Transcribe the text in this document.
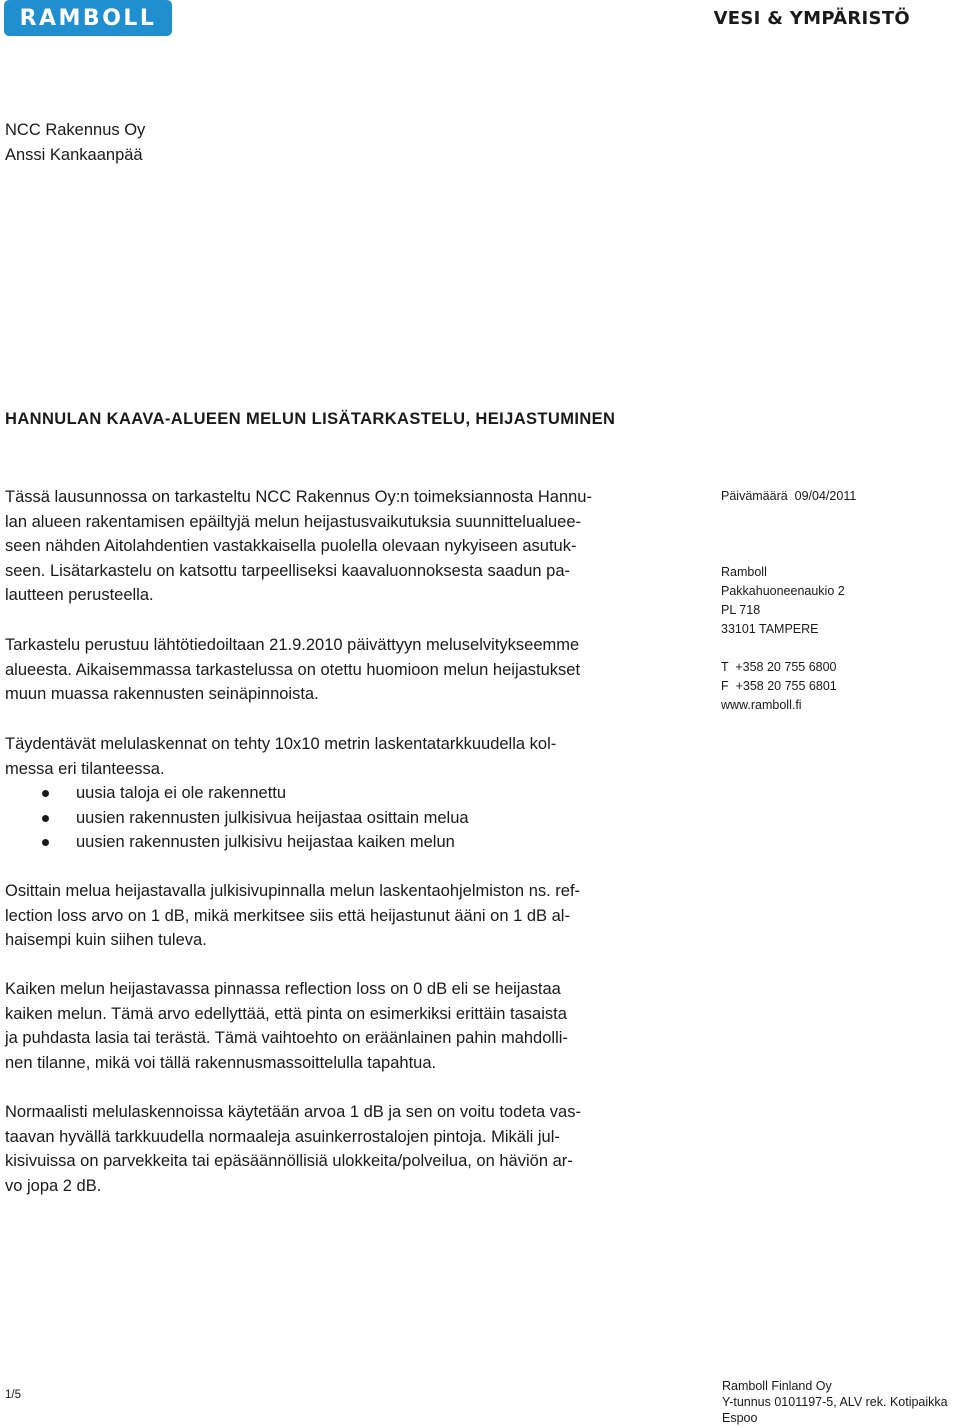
RAMBOLL	VESI & YMPÄRISTÖ
NCC Rakennus Oy
Anssi Kankaanpää
HANNULAN KAAVA-ALUEEN MELUN LISÄTARKASTELU, HEIJASTUMINEN
Tässä lausunnossa on tarkasteltu NCC Rakennus Oy:n toimeksiannosta Hannu-
lan alueen rakentamisen epäiltyjä melun heijastusvaikutuksia suunnittelualuee-
seen nähden Aitolahdentien vastakkaisella puolella olevaan nykyiseen asutuk-
seen. Lisätarkastelu on katsottu tarpeelliseksi kaavaluonnoksesta saadun pa-
lautteen perusteella.
Tarkastelu perustuu lähtötiedoiltaan 21.9.2010 päivättyyn meluselvitykseemme
alueesta. Aikaisemmassa tarkastelussa on otettu huomioon melun heijastukset
muun muassa rakennusten seinäpinnoista.
Täydentävät melulaskennat on tehty 10x10 metrin laskentatarkkuudella kol-
messa eri tilanteessa.
uusia taloja ei ole rakennettu
uusien rakennusten julkisivua heijastaa osittain melua
uusien rakennusten julkisivu heijastaa kaiken melun
Osittain melua heijastavalla julkisivupinnalla melun laskentaohjelmiston ns. ref-
lection loss arvo on 1 dB, mikä merkitsee siis että heijastunut ääni on 1 dB al-
haisempi kuin siihen tuleva.
Kaiken melun heijastavassa pinnassa reflection loss on 0 dB eli se heijastaa
kaiken melun. Tämä arvo edellyttää, että pinta on esimerkiksi erittäin tasaista
ja puhdasta lasia tai terästä. Tämä vaihtoehto on eräänlainen pahin mahdolli-
nen tilanne, mikä voi tällä rakennusmassoittelulla tapahtua.
Normaalisti melulaskennoissa käytetään arvoa 1 dB ja sen on voitu todeta vas-
taavan hyvällä tarkkuudella normaaleja asuinkerrostalojen pintoja. Mikäli jul-
kisivuissa on parvekkeita tai epäsäännöllisiä ulokkeita/polveilua, on häviön ar-
vo jopa 2 dB.
Päivämäärä 09/04/2011
Ramboll
Pakkahuoneenaukio 2
PL 718
33101 TAMPERE
T  +358 20 755 6800
F  +358 20 755 6801
www.ramboll.fi
1/5
Ramboll Finland Oy
Y-tunnus 0101197-5, ALV rek. Kotipaikka
Espoo
